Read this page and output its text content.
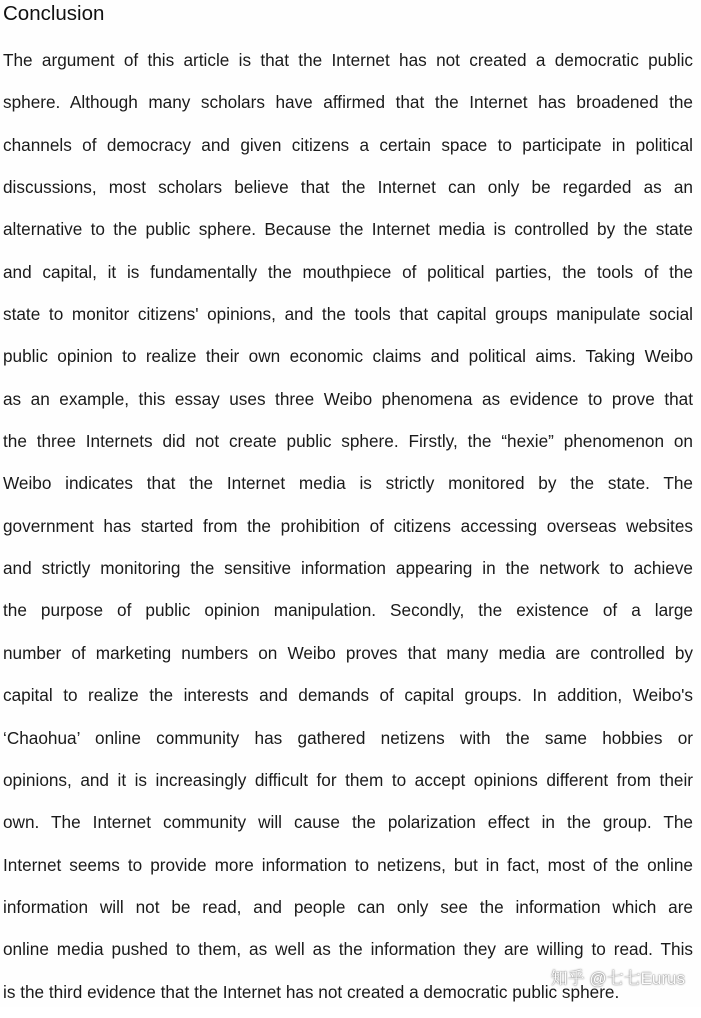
Conclusion
The argument of this article is that the Internet has not created a democratic public
sphere. Although many scholars have affirmed that the Internet has broadened the
channels of democracy and given citizens a certain space to participate in political
discussions, most scholars believe that the Internet can only be regarded as an
alternative to the public sphere. Because the Internet media is controlled by the state
and capital, it is fundamentally the mouthpiece of political parties, the tools of the
state to monitor citizens' opinions, and the tools that capital groups manipulate social
public opinion to realize their own economic claims and political aims. Taking Weibo
as an example, this essay uses three Weibo phenomena as evidence to prove that
the three Internets did not create public sphere. Firstly, the “hexie” phenomenon on
Weibo indicates that the Internet media is strictly monitored by the state. The
government has started from the prohibition of citizens accessing overseas websites
and strictly monitoring the sensitive information appearing in the network to achieve
the purpose of public opinion manipulation. Secondly, the existence of a large
number of marketing numbers on Weibo proves that many media are controlled by
capital to realize the interests and demands of capital groups. In addition, Weibo's
‘Chaohua’ online community has gathered netizens with the same hobbies or
opinions, and it is increasingly difficult for them to accept opinions different from their
own. The Internet community will cause the polarization effect in the group. The
Internet seems to provide more information to netizens, but in fact, most of the online
information will not be read, and people can only see the information which are
online media pushed to them, as well as the information they are willing to read. This
is the third evidence that the Internet has not created a democratic public sphere.
知乎 @七七Eurus
